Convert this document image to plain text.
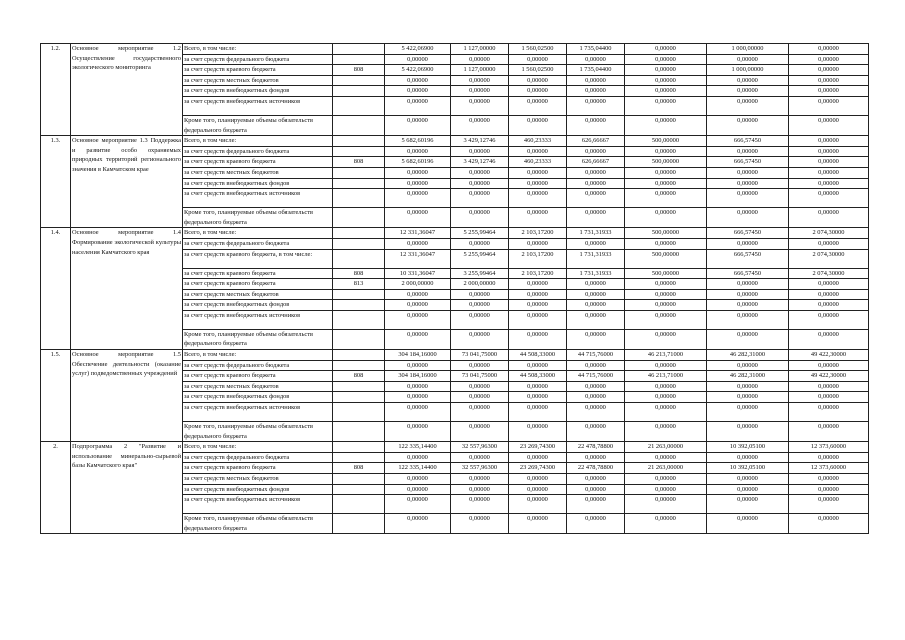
1.2.	Основное мероприятие 1.2 Осуществление государственного экологического мониторинга	Всего, в том числе:		5 422,06900	1 127,00000	1 560,02500	1 735,04400	0,00000	1 000,00000	0,00000
		за счет средств федерального бюджета		0,00000	0,00000	0,00000	0,00000	0,00000	0,00000	0,00000
		за счет средств краевого бюджета	808	5 422,06900	1 127,00000	1 560,02500	1 735,04400	0,00000	1 000,00000	0,00000
		за счет средств местных бюджетов		0,00000	0,00000	0,00000	0,00000	0,00000	0,00000	0,00000
		за счет средств внебюджетных фондов		0,00000	0,00000	0,00000	0,00000	0,00000	0,00000	0,00000
		за счет средств внебюджетных источников		0,00000	0,00000	0,00000	0,00000	0,00000	0,00000	0,00000
		Кроме того, планируемые объемы обязательств федерального бюджета		0,00000	0,00000	0,00000	0,00000	0,00000	0,00000	0,00000
1.3.	Основное мероприятие 1.3 Поддержка и развитие особо охраняемых природных территорий регионального значения в Камчатском крае	Всего, в том числе:		5 682,60196	3 429,12746	460,23333	626,66667	500,00000	666,57450	0,00000
		за счет средств федерального бюджета		0,00000	0,00000	0,00000	0,00000	0,00000	0,00000	0,00000
		за счет средств краевого бюджета	808	5 682,60196	3 429,12746	460,23333	626,66667	500,00000	666,57450	0,00000
		за счет средств местных бюджетов		0,00000	0,00000	0,00000	0,00000	0,00000	0,00000	0,00000
		за счет средств внебюджетных фондов		0,00000	0,00000	0,00000	0,00000	0,00000	0,00000	0,00000
		за счет средств внебюджетных источников		0,00000	0,00000	0,00000	0,00000	0,00000	0,00000	0,00000
		Кроме того, планируемые объемы обязательств федерального бюджета		0,00000	0,00000	0,00000	0,00000	0,00000	0,00000	0,00000
1.4.	Основное мероприятие 1.4 Формирование экологической культуры населения Камчатского края	Всего, в том числе:		12 331,36047	5 255,99464	2 103,17200	1 731,31933	500,00000	666,57450	2 074,30000
		за счет средств федерального бюджета		0,00000	0,00000	0,00000	0,00000	0,00000	0,00000	0,00000
		за счет средств краевого бюджета, в том числе:		12 331,36047	5 255,99464	2 103,17200	1 731,31933	500,00000	666,57450	2 074,30000
		за счет средств краевого бюджета	808	10 331,36047	3 255,99464	2 103,17200	1 731,31933	500,00000	666,57450	2 074,30000
		за счет средств краевого бюджета	813	2 000,00000	2 000,00000	0,00000	0,00000	0,00000	0,00000	0,00000
		за счет средств местных бюджетов		0,00000	0,00000	0,00000	0,00000	0,00000	0,00000	0,00000
		за счет средств внебюджетных фондов		0,00000	0,00000	0,00000	0,00000	0,00000	0,00000	0,00000
		за счет средств внебюджетных источников		0,00000	0,00000	0,00000	0,00000	0,00000	0,00000	0,00000
		Кроме того, планируемые объемы обязательств федерального бюджета		0,00000	0,00000	0,00000	0,00000	0,00000	0,00000	0,00000
1.5.	Основное мероприятие 1.5 Обеспечение деятельности (оказание услуг) подведомственных учреждений	Всего, в том числе:		304 184,16000	73 041,75000	44 508,33000	44 715,76000	46 213,71000	46 282,31000	49 422,30000
		за счет средств федерального бюджета		0,00000	0,00000	0,00000	0,00000	0,00000	0,00000	0,00000
		за счет средств краевого бюджета	808	304 184,16000	73 041,75000	44 508,33000	44 715,76000	46 213,71000	46 282,31000	49 422,30000
		за счет средств местных бюджетов		0,00000	0,00000	0,00000	0,00000	0,00000	0,00000	0,00000
		за счет средств внебюджетных фондов		0,00000	0,00000	0,00000	0,00000	0,00000	0,00000	0,00000
		за счет средств внебюджетных источников		0,00000	0,00000	0,00000	0,00000	0,00000	0,00000	0,00000
		Кроме того, планируемые объемы обязательств федерального бюджета		0,00000	0,00000	0,00000	0,00000	0,00000	0,00000	0,00000
2.	Подпрограмма 2 "Развитие и использование минерально-сырьевой базы Камчатского края"	Всего, в том числе:		122 335,14400	32 557,96300	23 269,74300	22 478,78800	21 263,00000	10 392,05100	12 373,60000
		за счет средств федерального бюджета		0,00000	0,00000	0,00000	0,00000	0,00000	0,00000	0,00000
		за счет средств краевого бюджета	808	122 335,14400	32 557,96300	23 269,74300	22 478,78800	21 263,00000	10 392,05100	12 373,60000
		за счет средств местных бюджетов		0,00000	0,00000	0,00000	0,00000	0,00000	0,00000	0,00000
		за счет средств внебюджетных фондов		0,00000	0,00000	0,00000	0,00000	0,00000	0,00000	0,00000
		за счет средств внебюджетных источников		0,00000	0,00000	0,00000	0,00000	0,00000	0,00000	0,00000
		Кроме того, планируемые объемы обязательств федерального бюджета		0,00000	0,00000	0,00000	0,00000	0,00000	0,00000	0,00000
